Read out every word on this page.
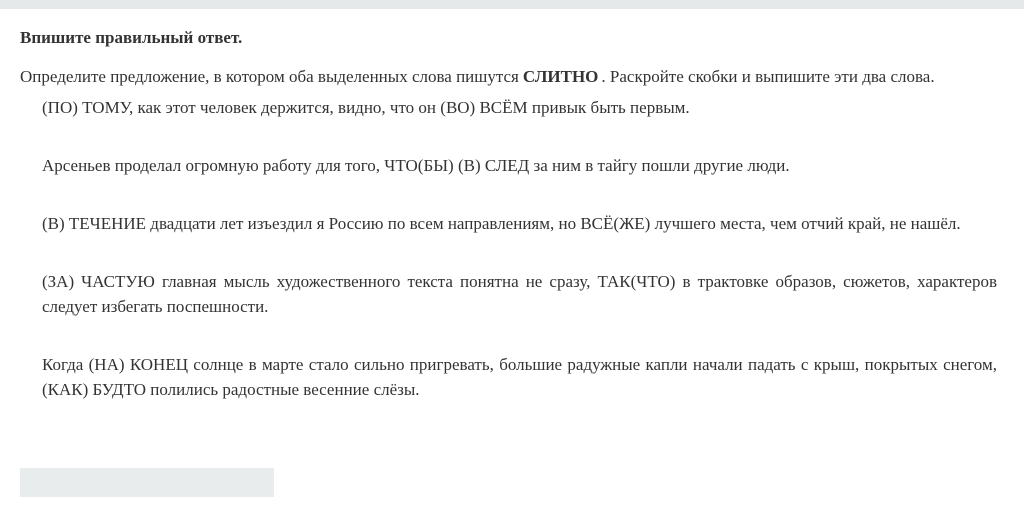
Впишите правильный ответ.

Определите предложение, в котором оба выделенных слова пишутся СЛИТНО . Раскройте скобки и выпишите эти два слова.

(ПО) ТОМУ, как этот человек держится, видно, что он (ВО) ВСЁМ привык быть первым.

Арсеньев проделал огромную работу для того, ЧТО(БЫ) (В) СЛЕД за ним в тайгу пошли другие люди.

(В) ТЕЧЕНИЕ двадцати лет изъездил я Россию по всем направлениям, но ВСЁ(ЖЕ) лучшего места, чем отчий край, не нашёл.

(ЗА) ЧАСТУЮ главная мысль художественного текста понятна не сразу, ТАК(ЧТО) в трактовке образов, сюжетов, характеров следует избегать поспешности.

Когда (НА) КОНЕЦ солнце в марте стало сильно пригревать, большие радужные капли начали падать с крыш, покрытых снегом, (КАК) БУДТО полились радостные весенние слёзы.
